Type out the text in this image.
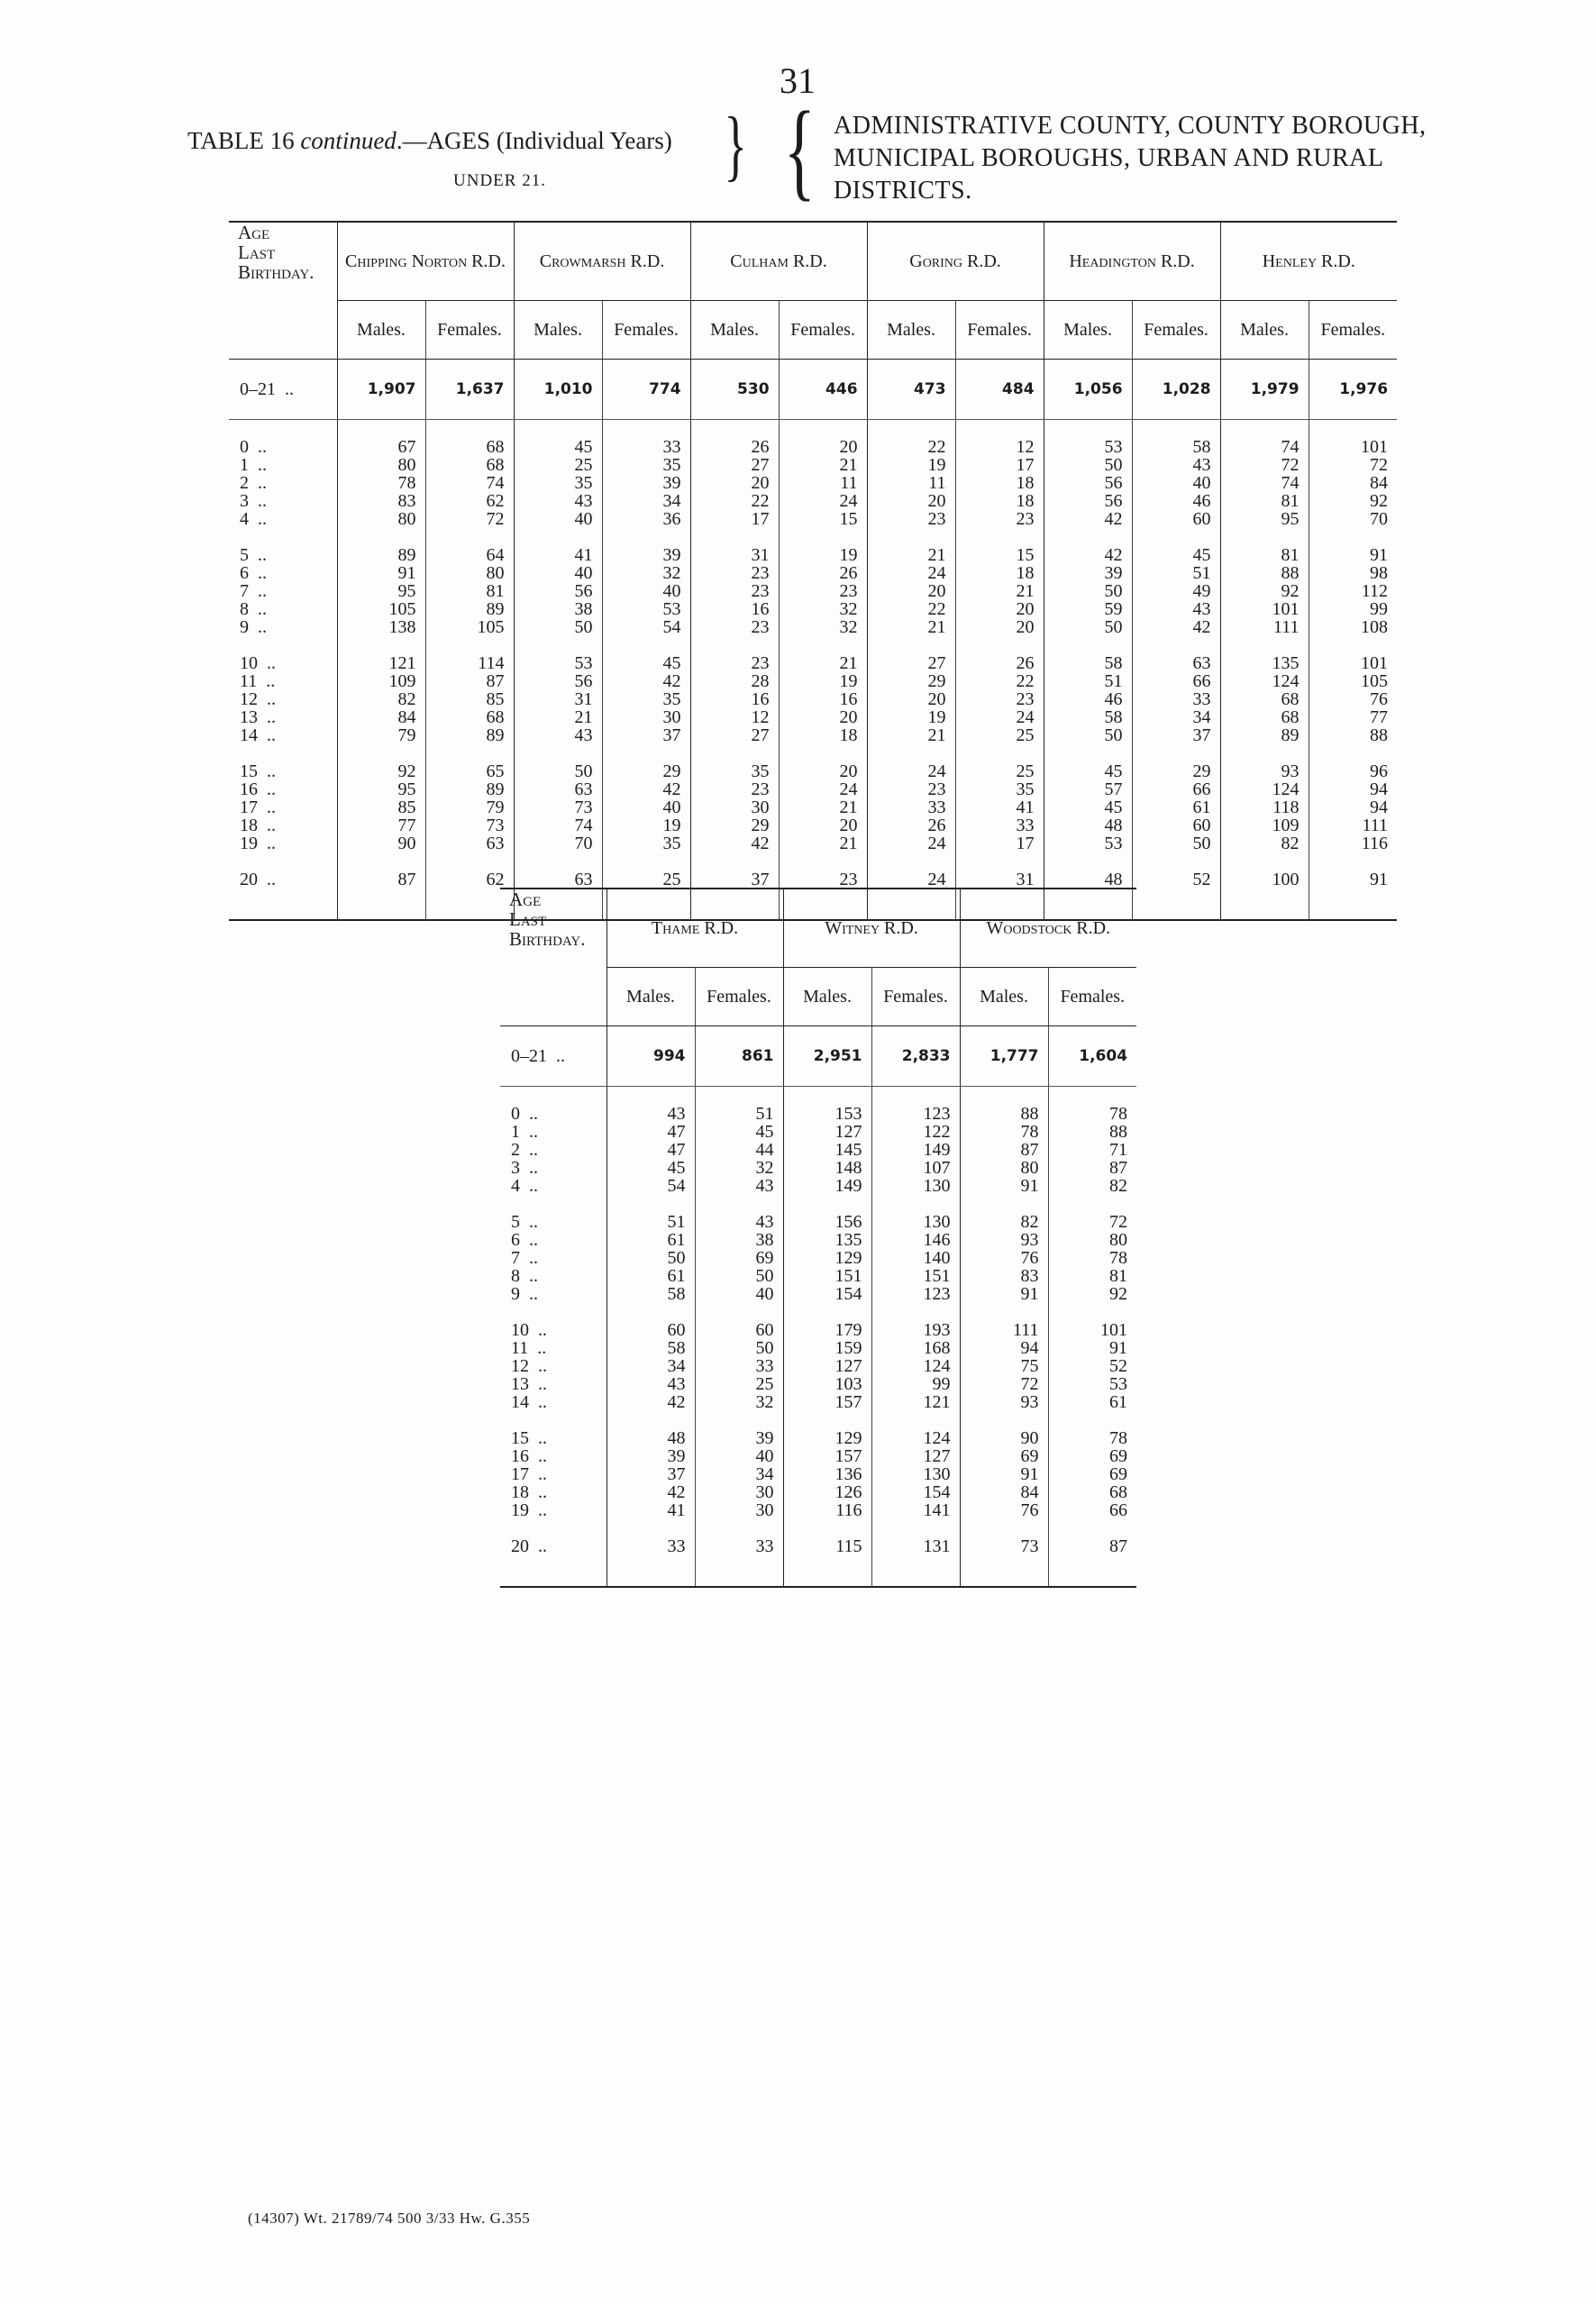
31
TABLE 16 continued.—AGES (Individual Years)
UNDER 21. } { ADMINISTRATIVE COUNTY, COUNTY BOROUGH,
MUNICIPAL BOROUGHS, URBAN AND RURAL
DISTRICTS.
Age
Last
Birthday.	Chipping Norton R.D.		Crowmarsh R.D.		Culham R.D.		Goring R.D.		Headington R.D.		Henley R.D.	
	Males.	Females.	Males.	Females.	Males.	Females.	Males.	Females.	Males.	Females.	Males.	Females.

0–21  ..	1,907	1,637	1,010	774	530	446	473	484	1,056	1,028	1,979	1,976

0  ..	67	68	45	33	26	20	22	12	53	58	74	101
1  ..	80	68	25	35	27	21	19	17	50	43	72	72
2  ..	78	74	35	39	20	11	11	18	56	40	74	84
3  ..	83	62	43	34	22	24	20	18	56	46	81	92
4  ..	80	72	40	36	17	15	23	23	42	60	95	70

5  ..	89	64	41	39	31	19	21	15	42	45	81	91
6  ..	91	80	40	32	23	26	24	18	39	51	88	98
7  ..	95	81	56	40	23	23	20	21	50	49	92	112
8  ..	105	89	38	53	16	32	22	20	59	43	101	99
9  ..	138	105	50	54	23	32	21	20	50	42	111	108

10  ..	121	114	53	45	23	21	27	26	58	63	135	101
11  ..	109	87	56	42	28	19	29	22	51	66	124	105
12  ..	82	85	31	35	16	16	20	23	46	33	68	76
13  ..	84	68	21	30	12	20	19	24	58	34	68	77
14  ..	79	89	43	37	27	18	21	25	50	37	89	88

15  ..	92	65	50	29	35	20	24	25	45	29	93	96
16  ..	95	89	63	42	23	24	23	35	57	66	124	94
17  ..	85	79	73	40	30	21	33	41	45	61	118	94
18  ..	77	73	74	19	29	20	26	33	48	60	109	111
19  ..	90	63	70	35	42	21	24	17	53	50	82	116

20  ..	87	62	63	25	37	23	24	31	48	52	100	91

Age
Last
Birthday.	Thame R.D.		Witney R.D.		Woodstock R.D.	
	Males.	Females.	Males.	Females.	Males.	Females.

0–21  ..	994	861	2,951	2,833	1,777	1,604

0  ..	43	51	153	123	88	78
1  ..	47	45	127	122	78	88
2  ..	47	44	145	149	87	71
3  ..	45	32	148	107	80	87
4  ..	54	43	149	130	91	82

5  ..	51	43	156	130	82	72
6  ..	61	38	135	146	93	80
7  ..	50	69	129	140	76	78
8  ..	61	50	151	151	83	81
9  ..	58	40	154	123	91	92

10  ..	60	60	179	193	111	101
11  ..	58	50	159	168	94	91
12  ..	34	33	127	124	75	52
13  ..	43	25	103	99	72	53
14  ..	42	32	157	121	93	61

15  ..	48	39	129	124	90	78
16  ..	39	40	157	127	69	69
17  ..	37	34	136	130	91	69
18  ..	42	30	126	154	84	68
19  ..	41	30	116	141	76	66

20  ..	33	33	115	131	73	87

(14307) Wt. 21789/74 500 3/33 Hw. G.355
